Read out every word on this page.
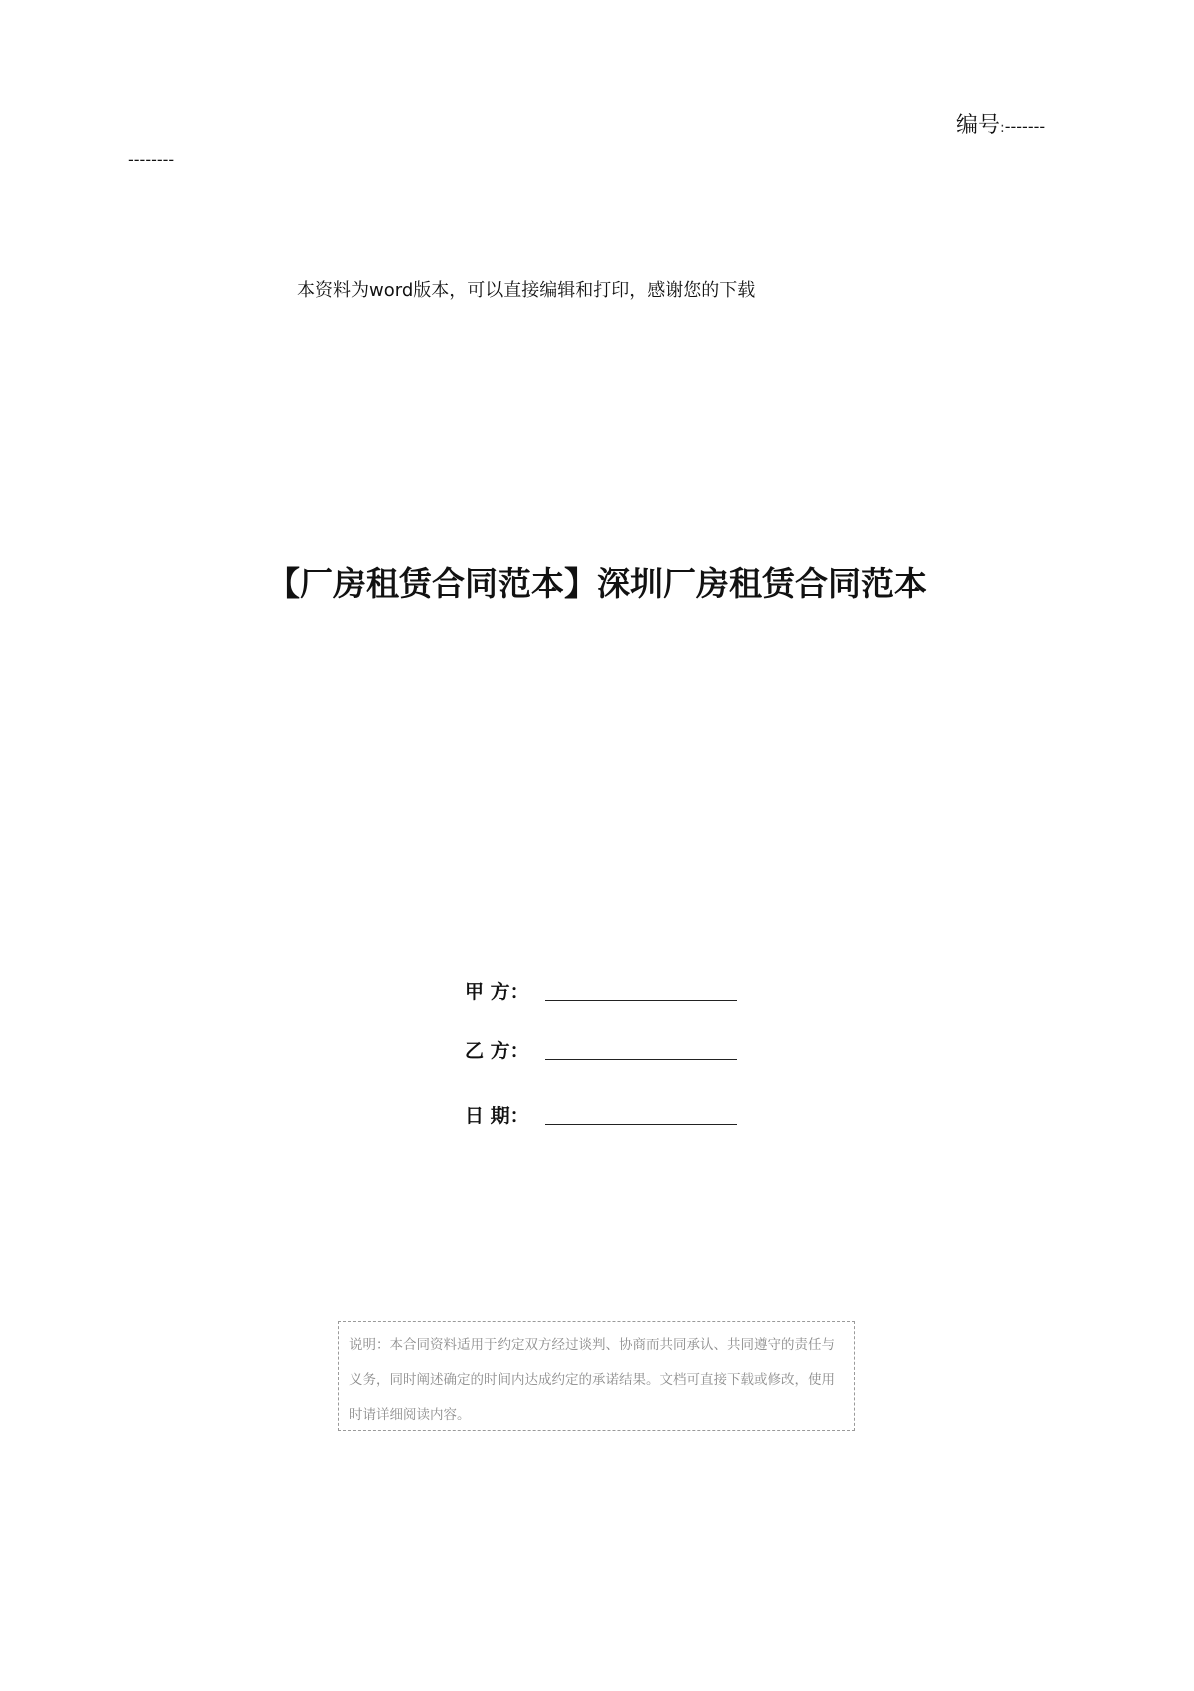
编号:-------
--------
本资料为word版本，可以直接编辑和打印，感谢您的下载
【厂房租赁合同范本】深圳厂房租赁合同范本
甲 方：
乙 方：
日 期：
说明：本合同资料适用于约定双方经过谈判、协商而共同承认、共同遵守的责任与
义务，同时阐述确定的时间内达成约定的承诺结果。文档可直接下载或修改，使用
时请详细阅读内容。
